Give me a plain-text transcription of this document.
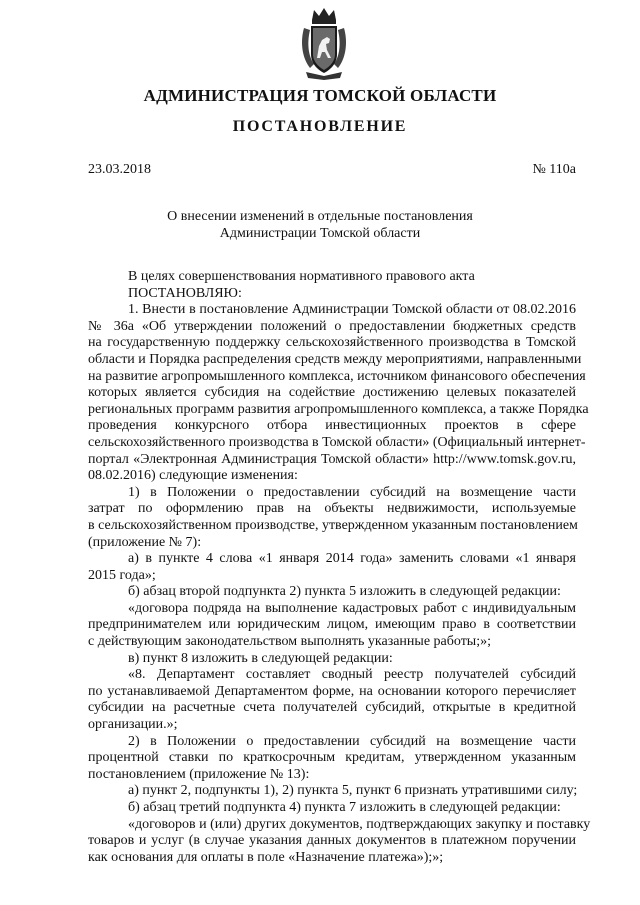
АДМИНИСТРАЦИЯ ТОМСКОЙ ОБЛАСТИ
ПОСТАНОВЛЕНИЕ
23.03.2018	№ 110а
О внесении изменений в отдельные постановления
Администрации Томской области
В целях совершенствования нормативного правового акта
ПОСТАНОВЛЯЮ:
1. Внести в постановление Администрации Томской области от 08.02.2016
№ 36а «Об утверждении положений о предоставлении бюджетных средств
на государственную поддержку сельскохозяйственного производства в Томской
области и Порядка распределения средств между мероприятиями, направленными
на развитие агропромышленного комплекса, источником финансового обеспечения
которых является субсидия на содействие достижению целевых показателей
региональных программ развития агропромышленного комплекса, а также Порядка
проведения конкурсного отбора инвестиционных проектов в сфере
сельскохозяйственного производства в Томской области» (Официальный интернет-
портал «Электронная Администрация Томской области» http://www.tomsk.gov.ru,
08.02.2016) следующие изменения:
1) в Положении о предоставлении субсидий на возмещение части
затрат по оформлению прав на объекты недвижимости, используемые
в сельскохозяйственном производстве, утвержденном указанным постановлением
(приложение № 7):
а) в пункте 4 слова «1 января 2014 года» заменить словами «1 января
2015 года»;
б) абзац второй подпункта 2) пункта 5 изложить в следующей редакции:
«договора подряда на выполнение кадастровых работ с индивидуальным
предпринимателем или юридическим лицом, имеющим право в соответствии
с действующим законодательством выполнять указанные работы;»;
в) пункт 8 изложить в следующей редакции:
«8. Департамент составляет сводный реестр получателей субсидий
по устанавливаемой Департаментом форме, на основании которого перечисляет
субсидии на расчетные счета получателей субсидий, открытые в кредитной
организации.»;
2) в Положении о предоставлении субсидий на возмещение части
процентной ставки по краткосрочным кредитам, утвержденном указанным
постановлением (приложение № 13):
а) пункт 2, подпункты 1), 2) пункта 5, пункт 6 признать утратившими силу;
б) абзац третий подпункта 4) пункта 7 изложить в следующей редакции:
«договоров и (или) других документов, подтверждающих закупку и поставку
товаров и услуг (в случае указания данных документов в платежном поручении
как основания для оплаты в поле «Назначение платежа»);»;
